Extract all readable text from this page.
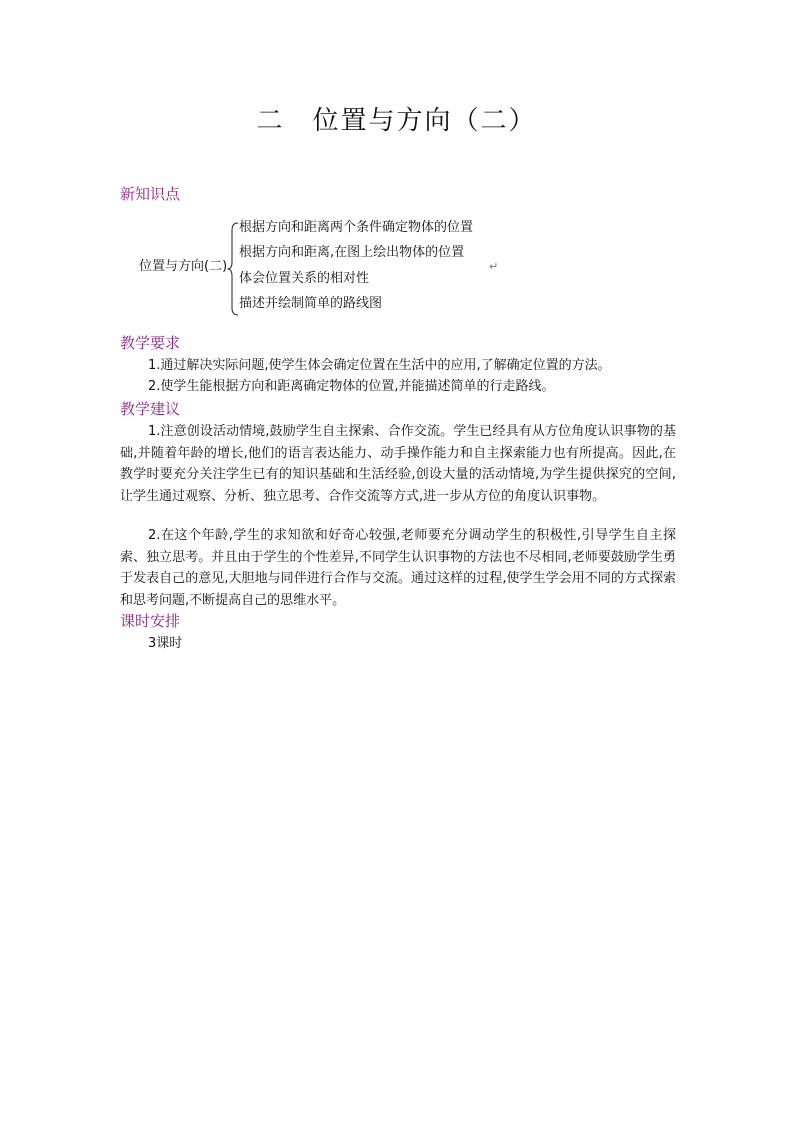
二　位置与方向（二）
新知识点
位置与方向(二)
根据方向和距离两个条件确定物体的位置
根据方向和距离,在图上绘出物体的位置
体会位置关系的相对性
描述并绘制简单的路线图
↵
教学要求

1.通过解决实际问题,使学生体会确定位置在生活中的应用,了解确定位置的方法。

2.使学生能根据方向和距离确定物体的位置,并能描述简单的行走路线。

教学建议

1.注意创设活动情境,鼓励学生自主探索、合作交流。学生已经具有从方位角度认识事物的基础,并随着年龄的增长,他们的语言表达能力、动手操作能力和自主探索能力也有所提高。因此,在教学时要充分关注学生已有的知识基础和生活经验,创设大量的活动情境,为学生提供探究的空间,让学生通过观察、分析、独立思考、合作交流等方式,进一步从方位的角度认识事物。

2.在这个年龄,学生的求知欲和好奇心较强,老师要充分调动学生的积极性,引导学生自主探索、独立思考。并且由于学生的个性差异,不同学生认识事物的方法也不尽相同,老师要鼓励学生勇于发表自己的意见,大胆地与同伴进行合作与交流。通过这样的过程,使学生学会用不同的方式探索和思考问题,不断提高自己的思维水平。

课时安排

3课时
